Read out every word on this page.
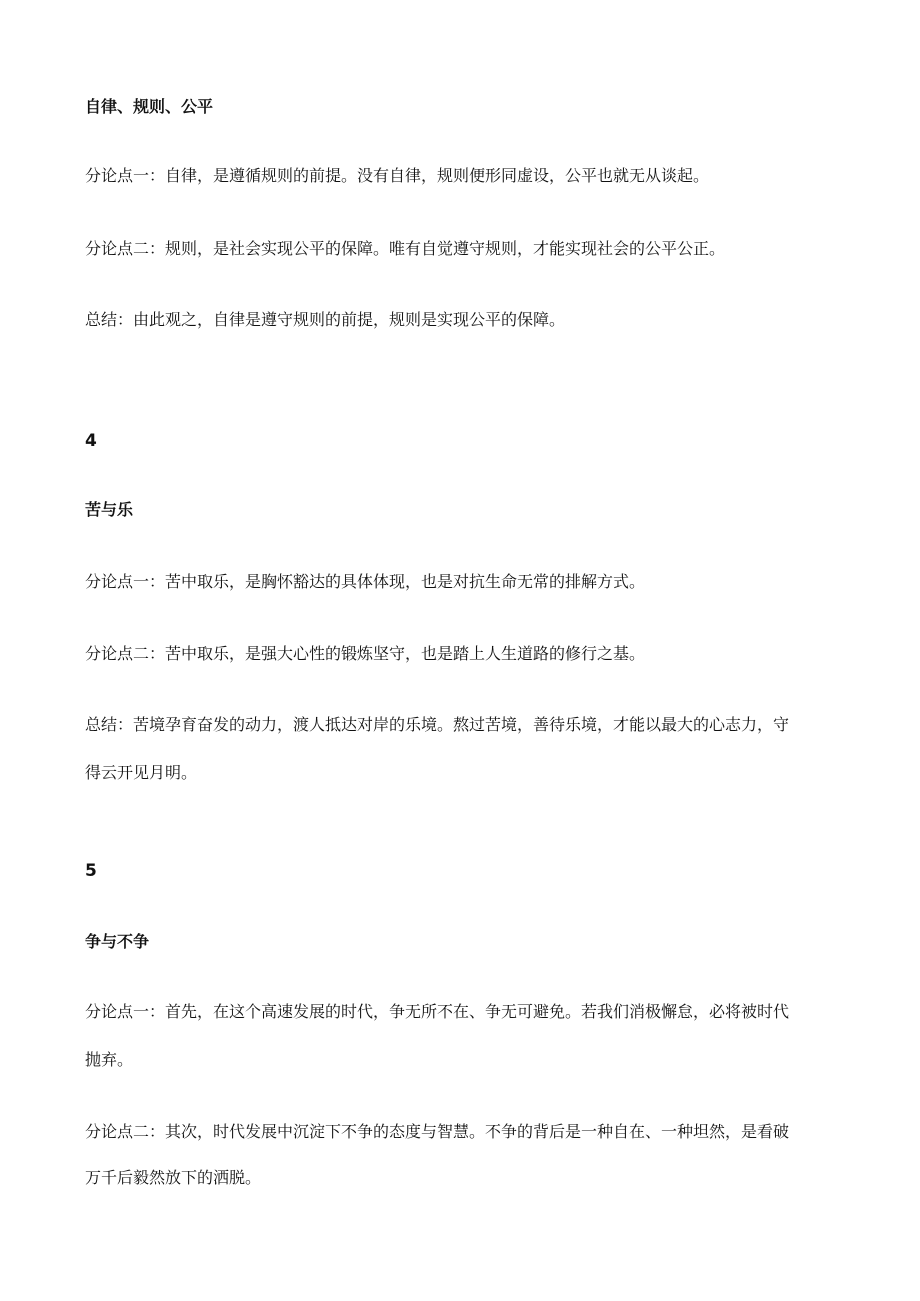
自律、规则、公平
分论点一：自律，是遵循规则的前提。没有自律，规则便形同虚设，公平也就无从谈起。
分论点二：规则，是社会实现公平的保障。唯有自觉遵守规则，才能实现社会的公平公正。
总结：由此观之，自律是遵守规则的前提，规则是实现公平的保障。
4
苦与乐
分论点一：苦中取乐，是胸怀豁达的具体体现，也是对抗生命无常的排解方式。
分论点二：苦中取乐，是强大心性的锻炼坚守，也是踏上人生道路的修行之基。
总结：苦境孕育奋发的动力，渡人抵达对岸的乐境。熬过苦境，善待乐境，才能以最大的心志力，守
得云开见月明。
5
争与不争
分论点一：首先，在这个高速发展的时代，争无所不在、争无可避免。若我们消极懈怠，必将被时代
抛弃。
分论点二：其次，时代发展中沉淀下不争的态度与智慧。不争的背后是一种自在、一种坦然，是看破
万千后毅然放下的洒脱。
